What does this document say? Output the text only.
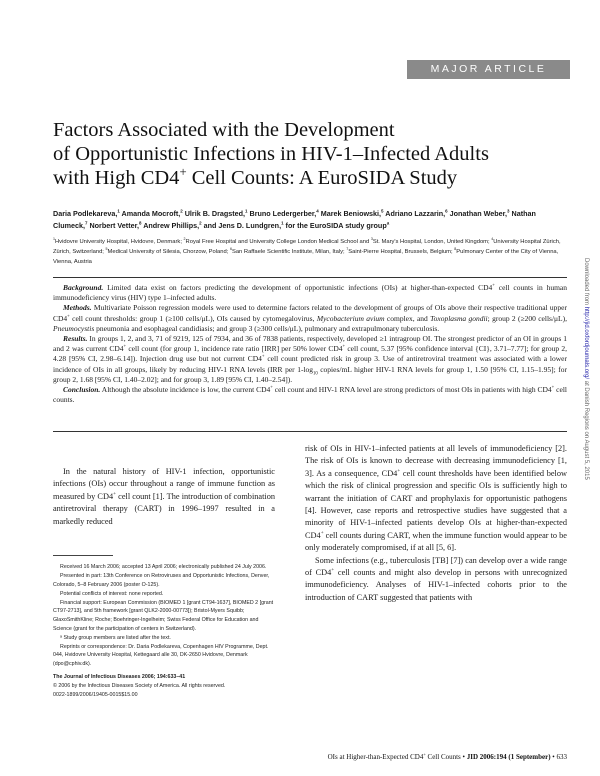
MAJOR ARTICLE
Factors Associated with the Development
of Opportunistic Infections in HIV-1–Infected Adults
with High CD4+ Cell Counts: A EuroSIDA Study

Daria Podlekareva,$^1$ Amanda Mocroft,$^2$ Ulrik B. Dragsted,$^1$ Bruno Ledergerber,$^4$ Marek Beniowski,$^5$ Adriano Lazzarin,$^6$ Jonathan Weber,$^3$ Nathan Clumeck,$^7$ Norbert Vetter,$^8$ Andrew Phillips,$^2$ and Jens D. Lundgren,$^1$ for the EuroSIDA study group$^a$

$^1$Hvidovre University Hospital, Hvidovre, Denmark; $^2$Royal Free Hospital and University College London Medical School and $^3$St. Mary's Hospital, London, United Kingdom; $^4$University Hospital Zürich, Zürich, Switzerland; $^5$Medical University of Silesia, Chorzow, Poland; $^6$San Raffaele Scientific Institute, Milan, Italy; $^7$Saint-Pierre Hospital, Brussels, Belgium; $^8$Pulmonary Center of the City of Vienna, Vienna, Austria

Background. Limited data exist on factors predicting the development of opportunistic infections (OIs) at higher-than-expected CD4+ cell counts in human immunodeficiency virus (HIV) type 1–infected adults.

Methods. Multivariate Poisson regression models were used to determine factors related to the development of groups of OIs above their respective traditional upper CD4+ cell count thresholds: group 1 (≥100 cells/μL), OIs caused by cytomegalovirus, Mycobacterium avium complex, and Toxoplasma gondii; group 2 (≥200 cells/μL), Pneumocystis pneumonia and esophageal candidiasis; and group 3 (≥300 cells/μL), pulmonary and extrapulmonary tuberculosis.

Results. In groups 1, 2, and 3, 71 of 9219, 125 of 7934, and 36 of 7838 patients, respectively, developed ≥1 intragroup OI. The strongest predictor of an OI in groups 1 and 2 was current CD4+ cell count (for group 1, incidence rate ratio [IRR] per 50% lower CD4+ cell count, 5.37 [95% confidence interval {CI}, 3.71–7.77]; for group 2, 4.28 [95% CI, 2.98–6.14]). Injection drug use but not current CD4+ cell count predicted risk in group 3. Use of antiretroviral treatment was associated with a lower incidence of OIs in all groups, likely by reducing HIV-1 RNA levels (IRR per $1-\log_{10}$ copies/mL higher HIV-1 RNA levels for group 1, 1.50 [95% CI, 1.15–1.95]; for group 2, 1.68 [95% CI, 1.40–2.02]; and for group 3, 1.89 [95% CI, 1.40–2.54]).

Conclusion. Although the absolute incidence is low, the current CD4+ cell count and HIV-1 RNA level are strong predictors of most OIs in patients with high CD4+ cell counts.

In the natural history of HIV-1 infection, opportunistic infections (OIs) occur throughout a range of immune function as measured by CD4+ cell count [1]. The introduction of combination antiretroviral therapy (CART) in 1996–1997 resulted in a markedly reduced

risk of OIs in HIV-1–infected patients at all levels of immunodeficiency [2]. The risk of OIs is known to decrease with decreasing immunodeficiency [1, 3]. As a consequence, CD4+ cell count thresholds have been identified below which the risk of clinical progression and specific OIs is sufficiently high to warrant the initiation of CART and prophylaxis for opportunistic pathogens [4]. However, case reports and retrospective studies have suggested that a minority of HIV-1–infected patients develop OIs at higher-than-expected CD4+ cell counts during CART, when the immune function would appear to be only moderately compromised, if at all [5, 6].

Some infections (e.g., tuberculosis [TB] [7]) can develop over a wide range of CD4+ cell counts and might also develop in persons with unrecognized immunodeficiency. Analyses of HIV-1–infected cohorts prior to the introduction of CART suggested that patients with

Received 16 March 2006; accepted 13 April 2006; electronically published 24 July 2006.

Presented in part: 13th Conference on Retroviruses and Opportunistic Infections, Denver, Colorado, 5–8 February 2006 (poster O-125).

Potential conflicts of interest: none reported.

Financial support: European Commission (BIOMED 1 [grant CT94-1637], BIOMED 2 [grant CT97-2713], and 5th framework [grant QLK2-2000-00773]); Bristol-Myers Squibb; GlaxoSmithKline; Roche; Boehringer-Ingelheim; Swiss Federal Office for Education and Science (grant for the participation of centers in Switzerland).

ᵃ Study group members are listed after the text.

Reprints or correspondence: Dr. Daria Podlekareva, Copenhagen HIV Programme, Dept. 044, Hvidovre University Hospital, Kettegaard alle 30, DK-2650 Hvidovre, Denmark (dpo@cphiv.dk).

The Journal of Infectious Diseases 2006; 194:633–41

© 2006 by the Infectious Diseases Society of America. All rights reserved.

0022-1899/2006/19405-0015$15.00

OIs at Higher-than-Expected CD4+ Cell Counts • JID 2006:194 (1 September) • 633
Downloaded from http://jid.oxfordjournals.org/ at Danish Regions on August 5, 2015
